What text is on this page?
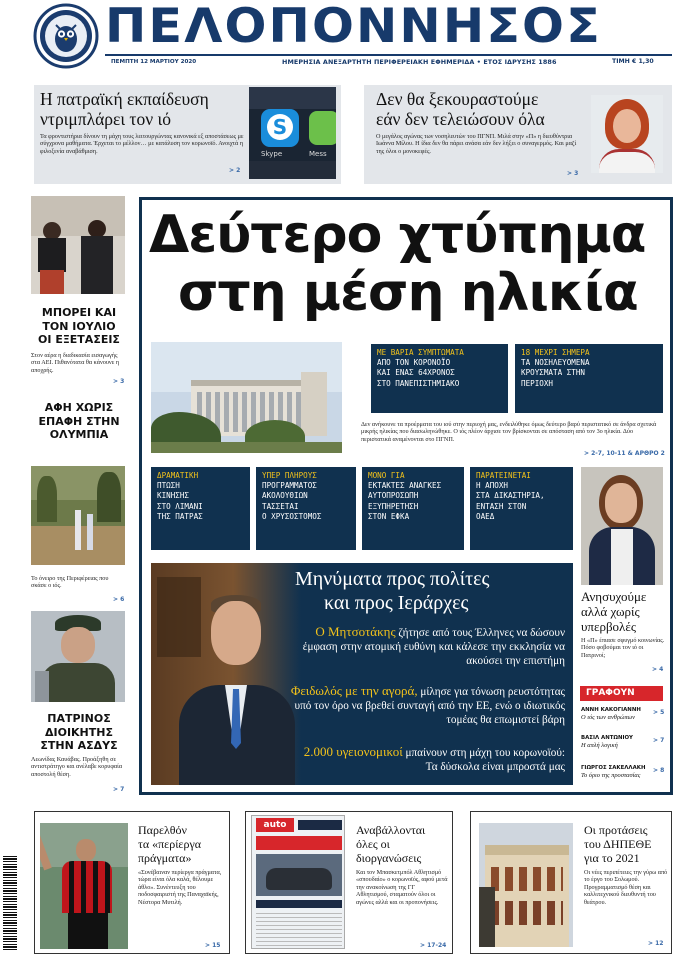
ΠΕΛΟΠΟΝΝΗΣΟΣ
ΠΕΜΠΤΗ 12 ΜΑΡΤΙΟΥ 2020	ΗΜΕΡΗΣΙΑ ΑΝΕΞΑΡΤΗΤΗ ΠΕΡΙΦΕΡΕΙΑΚΗ ΕΦΗΜΕΡΙΔΑ • ΕΤΟΣ ΙΔΡΥΣΗΣ 1886	ΤΙΜΗ € 1,30
Η πατραϊκή εκπαίδευση
ντριμπλάρει τον ιό
Τα φροντιστήρια δίνουν τη μάχη τους λειτουργώντας κανονικά εξ αποστάσεως με σύγχρονα μαθήματα. Έρχεται το μέλλον… με κατάλυση τον κορωνοϊό. Ανοιχτά η φιλοξενία αναβάθμιση.
> 2
S
Skype	Mess
Δεν θα ξεκουραστούμε
εάν δεν τελειώσουν όλα
Ο μεγάλος αγώνας των νοσηλευτών του ΠΓΝΠ. Μιλά στην «Π» η διευθύντρια Ιωάννα Μίλου. Η ίδια δεν θα πάρει ανάσα εάν δεν λήξει ο συναγερμός. Και μαζί της όλοι ο μονοκεφές.
> 3
ΜΠΟΡΕΙ ΚΑΙ
ΤΟΝ ΙΟΥΛΙΟ
ΟΙ ΕΞΕΤΑΣΕΙΣ
Στον αέρα η διαδικασία εισαγωγής στα ΑΕΙ. Πιθανότατα θα κάνουνε η αποχρής.
> 3
ΑΦΗ ΧΩΡΙΣ
ΕΠΑΦΗ ΣΤΗΝ
ΟΛΥΜΠΙΑ
Το όνειρο της Περιφέρειας που σκάσε ο ιός.
> 6
ΠΑΤΡΙΝΟΣ
ΔΙΟΙΚΗΤΗΣ
ΣΤΗΝ ΑΣΔΥΣ
Λεωνίδας Καυάβας. Προάξηθη σε αντιστράτηγο και ανέλαβε κορυφαία αποστολή θέση.
> 7
Δεύτερο χτύπημα
στη μέση ηλικία
ΜΕ ΒΑΡΙΑ ΣΥΜΠΤΩΜΑΤΑ
ΑΠΟ ΤΟΝ ΚΟΡΟΝΟΪΟ
ΚΑΙ ΕΝΑΣ 64ΧΡΟΝΟΣ
ΣΤΟ ΠΑΝΕΠΙΣΤΗΜΙΑΚΟ
18 ΜΕΧΡΙ ΣΗΜΕΡΑ
ΤΑ ΝΟΣΗΛΕΥΟΜΕΝΑ
ΚΡΟΥΣΜΑΤΑ ΣΤΗΝ
ΠΕΡΙΟΧΗ
Δεν ανήκουνε τα προέρματα του ιού στην περιοχή μας, ενδειλύθηκε όμως δεύτερο βαρύ περιστατικό σε άνδρα σχετικά μικρής ηλικίας που διασωληνώθηκε. Ο ιός πλέον άρχισε τον βρίσκονται σε απόσταση από τον 3ο ηλικία. Δύο περιστατικά αναμένονται στο ΠΓΝΠ.
> 2-7, 10-11 & ΑΡΘΡΟ 2
ΔΡΑΜΑΤΙΚΗ
ΠΤΩΣΗ
ΚΙΝΗΣΗΣ
ΣΤΟ ΛΙΜΑΝΙ
ΤΗΣ ΠΑΤΡΑΣ
ΥΠΕΡ ΠΛΗΡΟΥΣ
ΠΡΟΓΡΑΜΜΑΤΟΣ
ΑΚΟΛΟΥΘΙΩΝ
ΤΑΣΣΕΤΑΙ
Ο ΧΡΥΣΟΣΤΟΜΟΣ
ΜΟΝΟ ΓΙΑ
ΕΚΤΑΚΤΕΣ ΑΝΑΓΚΕΣ
ΑΥΤΟΠΡΟΣΩΠΗ
ΕΞΥΠΗΡΕΤΗΣΗ
ΣΤΟΝ ΕΦΚΑ
ΠΑΡΑΤΕΙΝΕΤΑΙ
Η ΑΠΟΧΗ
ΣΤΑ ΔΙΚΑΣΤΗΡΙΑ,
ΕΝΤΑΣΗ ΣΤΟΝ
ΟΑΕΔ
Μηνύματα προς πολίτες
και προς Ιεράρχες
Ο Μητσοτάκης ζήτησε από τους Έλληνες να δώσουν έμφαση στην ατομική ευθύνη και κάλεσε την εκκλησία να ακούσει την επιστήμη
Φειδωλός με την αγορά, μίλησε για τόνωση ρευστότητας υπό τον όρο να βρεθεί συνταγή από την ΕΕ, ενώ ο ιδιωτικός τομέας θα επωμιστεί βάρη
2.000 υγειονομικοί μπαίνουν στη μάχη του κορωνοϊού: Τα δύσκολα είναι μπροστά μας
Ανησυχούμε
αλλά χωρίς
υπερβολές
Η «Π» έπιασε σφυγμό κοινωνίας. Πόσο φοβούμαι τον ιό οι Πατρινοί;
> 4
ΓΡΑΦΟΥΝ
ΑΝΝΗ ΚΑΚΟΓΙΑΝΝΗ
Ο ιός των ανθρώπων
> 5
ΒΑΣΙΛ ΑΝΤΩΝΙΟΥ
Η απλή λογική
> 7
ΓΙΩΡΓΟΣ ΣΑΚΕΛΛΑΚΗ
Το όριο της προστασίας
> 8
Παρελθόν
τα «περίεργα
πράγματα»
«Συνέβαιναν περίεργα πράγματα, τώρα είναι όλα καλά, θέλουμε άθλο». Συνέντευξη του ποδοσφαιριστή της Παναχαϊκής, Νέστορα Μυτιλή.
> 15
auto	Αναβάλλονται
όλες οι
διοργανώσεις
Και τον Μπασκετμπόλ Αθλητισμό «σπουδαίο» ο κορωνοϊός, αφού μετά την ανακοίνωση της ΓΓ Αθλητισμού, σταματούν όλοι οι αγώνες αλλά και οι προπονήσεις.
> 17-24
Οι προτάσεις
του ΔΗΠΕΘΕ
για το 2021
Οι νέες περιπέτειες την γύρω από το έργο του Σολωμού. Προγραμματισμό θέση και καλλιτεχνικού διευθυντή του θεάτρου.
> 12
